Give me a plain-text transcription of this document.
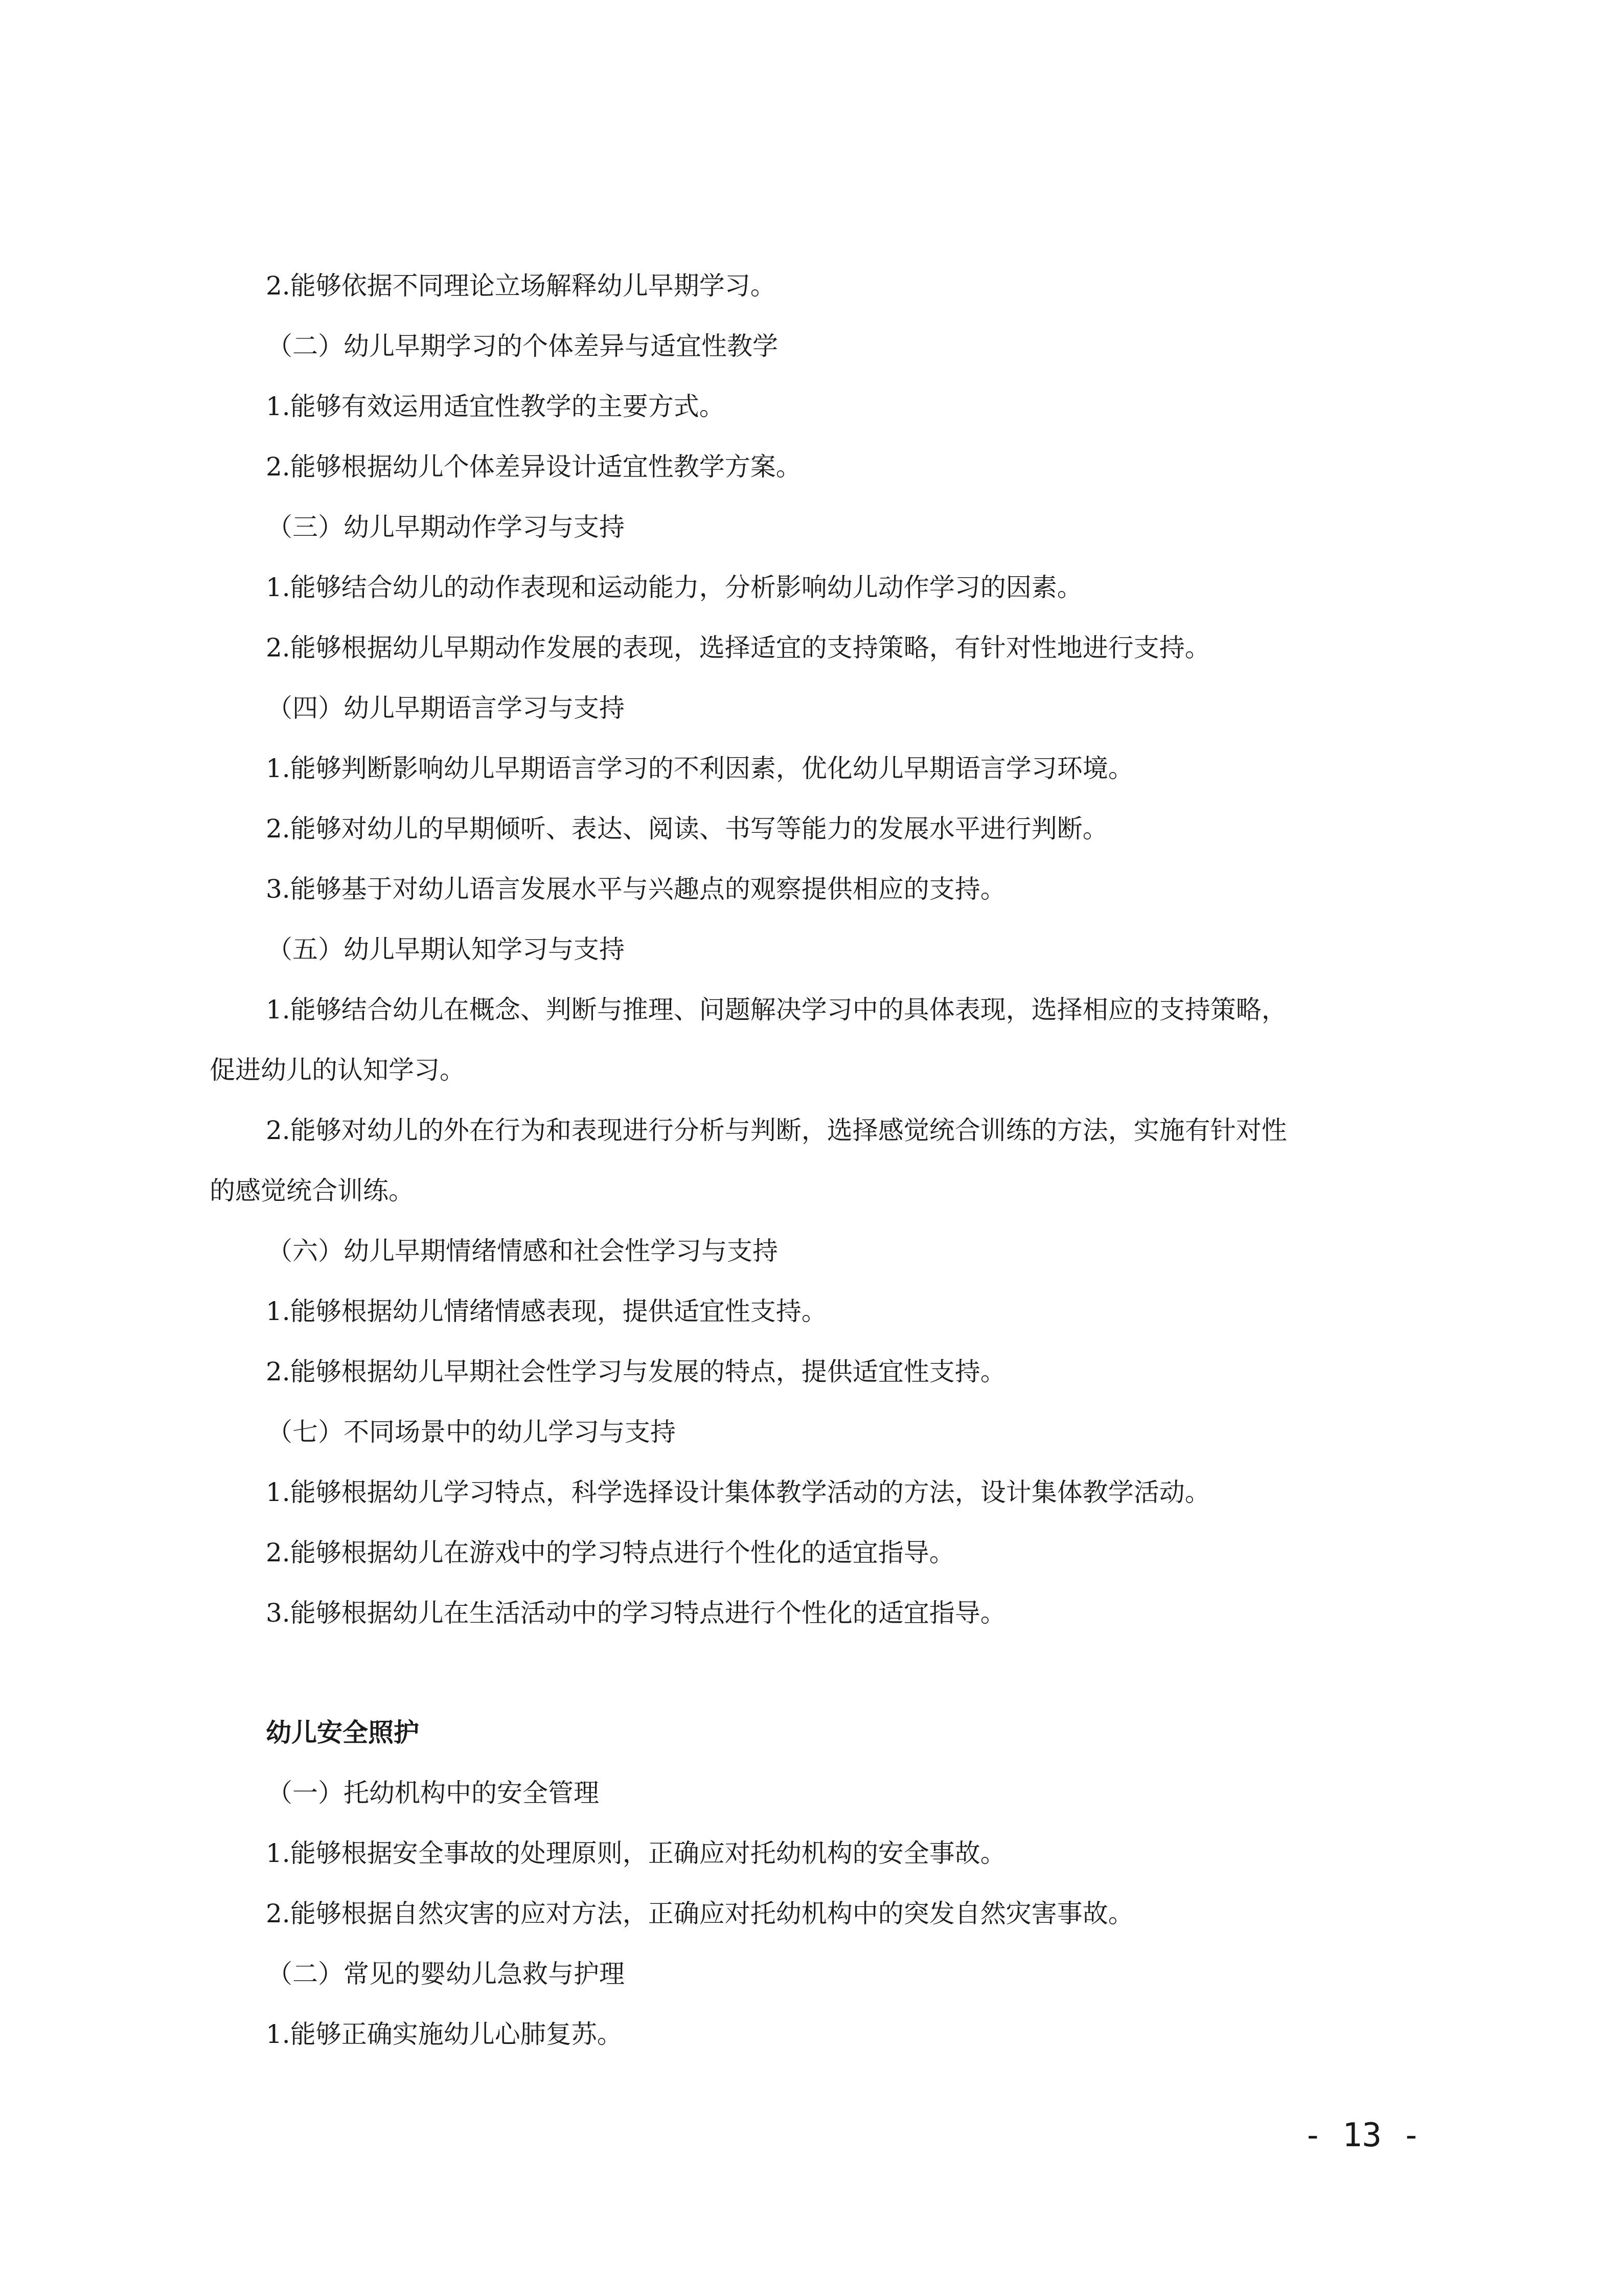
2.能够依据不同理论立场解释幼儿早期学习。
（二）幼儿早期学习的个体差异与适宜性教学
1.能够有效运用适宜性教学的主要方式。
2.能够根据幼儿个体差异设计适宜性教学方案。
（三）幼儿早期动作学习与支持
1.能够结合幼儿的动作表现和运动能力，分析影响幼儿动作学习的因素。
2.能够根据幼儿早期动作发展的表现，选择适宜的支持策略，有针对性地进行支持。
（四）幼儿早期语言学习与支持
1.能够判断影响幼儿早期语言学习的不利因素，优化幼儿早期语言学习环境。
2.能够对幼儿的早期倾听、表达、阅读、书写等能力的发展水平进行判断。
3.能够基于对幼儿语言发展水平与兴趣点的观察提供相应的支持。
（五）幼儿早期认知学习与支持
1.能够结合幼儿在概念、判断与推理、问题解决学习中的具体表现，选择相应的支持策略，
促进幼儿的认知学习。
2.能够对幼儿的外在行为和表现进行分析与判断，选择感觉统合训练的方法，实施有针对性
的感觉统合训练。
（六）幼儿早期情绪情感和社会性学习与支持
1.能够根据幼儿情绪情感表现，提供适宜性支持。
2.能够根据幼儿早期社会性学习与发展的特点，提供适宜性支持。
（七）不同场景中的幼儿学习与支持
1.能够根据幼儿学习特点，科学选择设计集体教学活动的方法，设计集体教学活动。
2.能够根据幼儿在游戏中的学习特点进行个性化的适宜指导。
3.能够根据幼儿在生活活动中的学习特点进行个性化的适宜指导。
幼儿安全照护
（一）托幼机构中的安全管理
1.能够根据安全事故的处理原则，正确应对托幼机构的安全事故。
2.能够根据自然灾害的应对方法，正确应对托幼机构中的突发自然灾害事故。
（二）常见的婴幼儿急救与护理
1.能够正确实施幼儿心肺复苏。
- 13 -
